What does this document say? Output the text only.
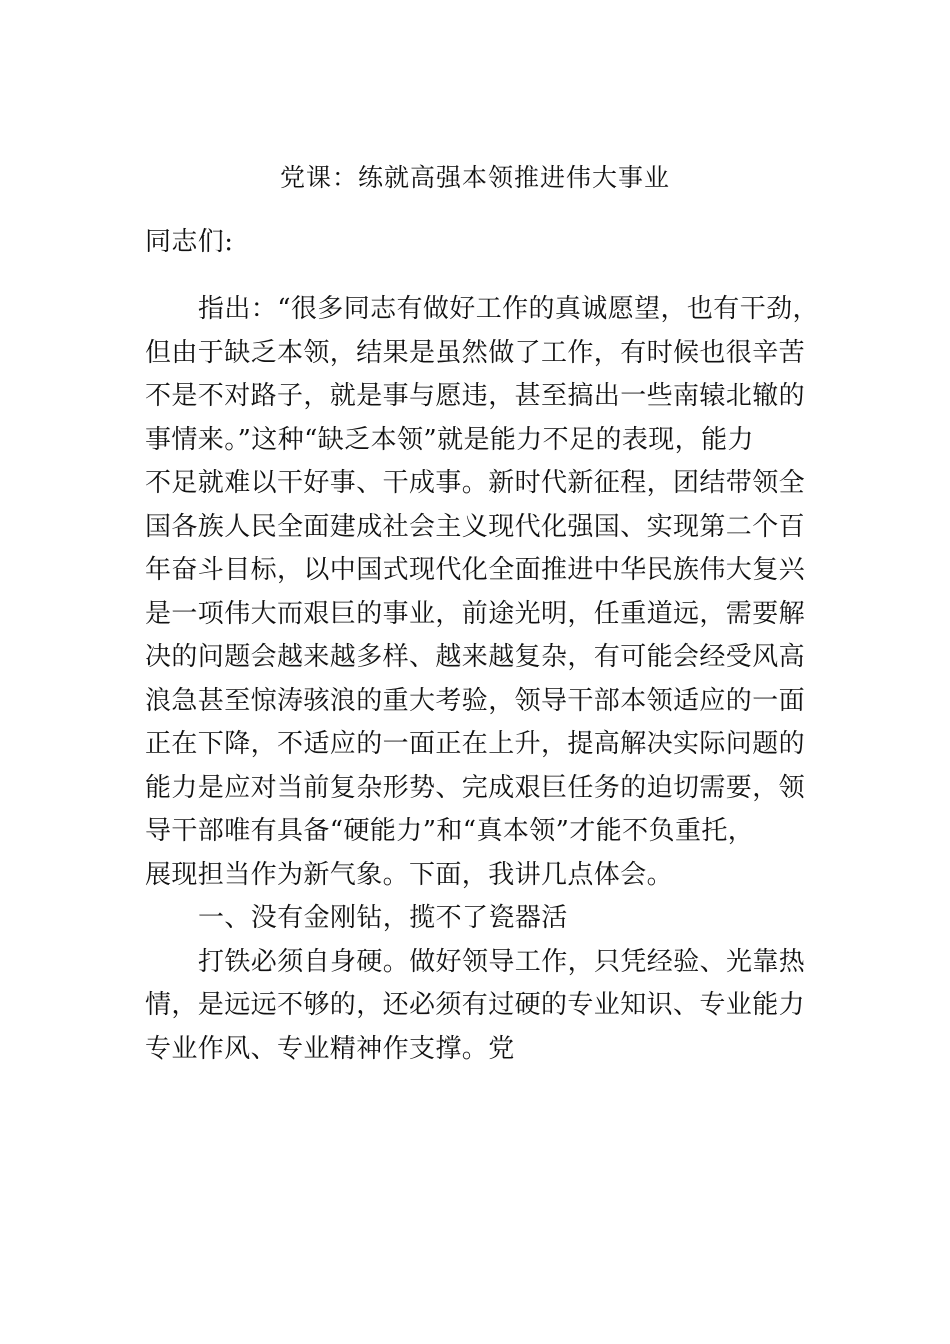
党课：练就高强本领推进伟大事业
同志们:
指出：“很多同志有做好工作的真诚愿望，也有干劲，
但由于缺乏本领，结果是虽然做了工作，有时候也很辛苦
不是不对路子，就是事与愿违，甚至搞出一些南辕北辙的
事情来。”这种“缺乏本领”就是能力不足的表现，能力
不足就难以干好事、干成事。新时代新征程，团结带领全
国各族人民全面建成社会主义现代化强国、实现第二个百
年奋斗目标，以中国式现代化全面推进中华民族伟大复兴
是一项伟大而艰巨的事业，前途光明，任重道远，需要解
决的问题会越来越多样、越来越复杂，有可能会经受风高
浪急甚至惊涛骇浪的重大考验，领导干部本领适应的一面
正在下降，不适应的一面正在上升，提高解决实际问题的
能力是应对当前复杂形势、完成艰巨任务的迫切需要，领
导干部唯有具备“硬能力”和“真本领”才能不负重托，
展现担当作为新气象。下面，我讲几点体会。
一、没有金刚钻，揽不了瓷器活
打铁必须自身硬。做好领导工作，只凭经验、光靠热
情，是远远不够的，还必须有过硬的专业知识、专业能力
专业作风、专业精神作支撑。党
